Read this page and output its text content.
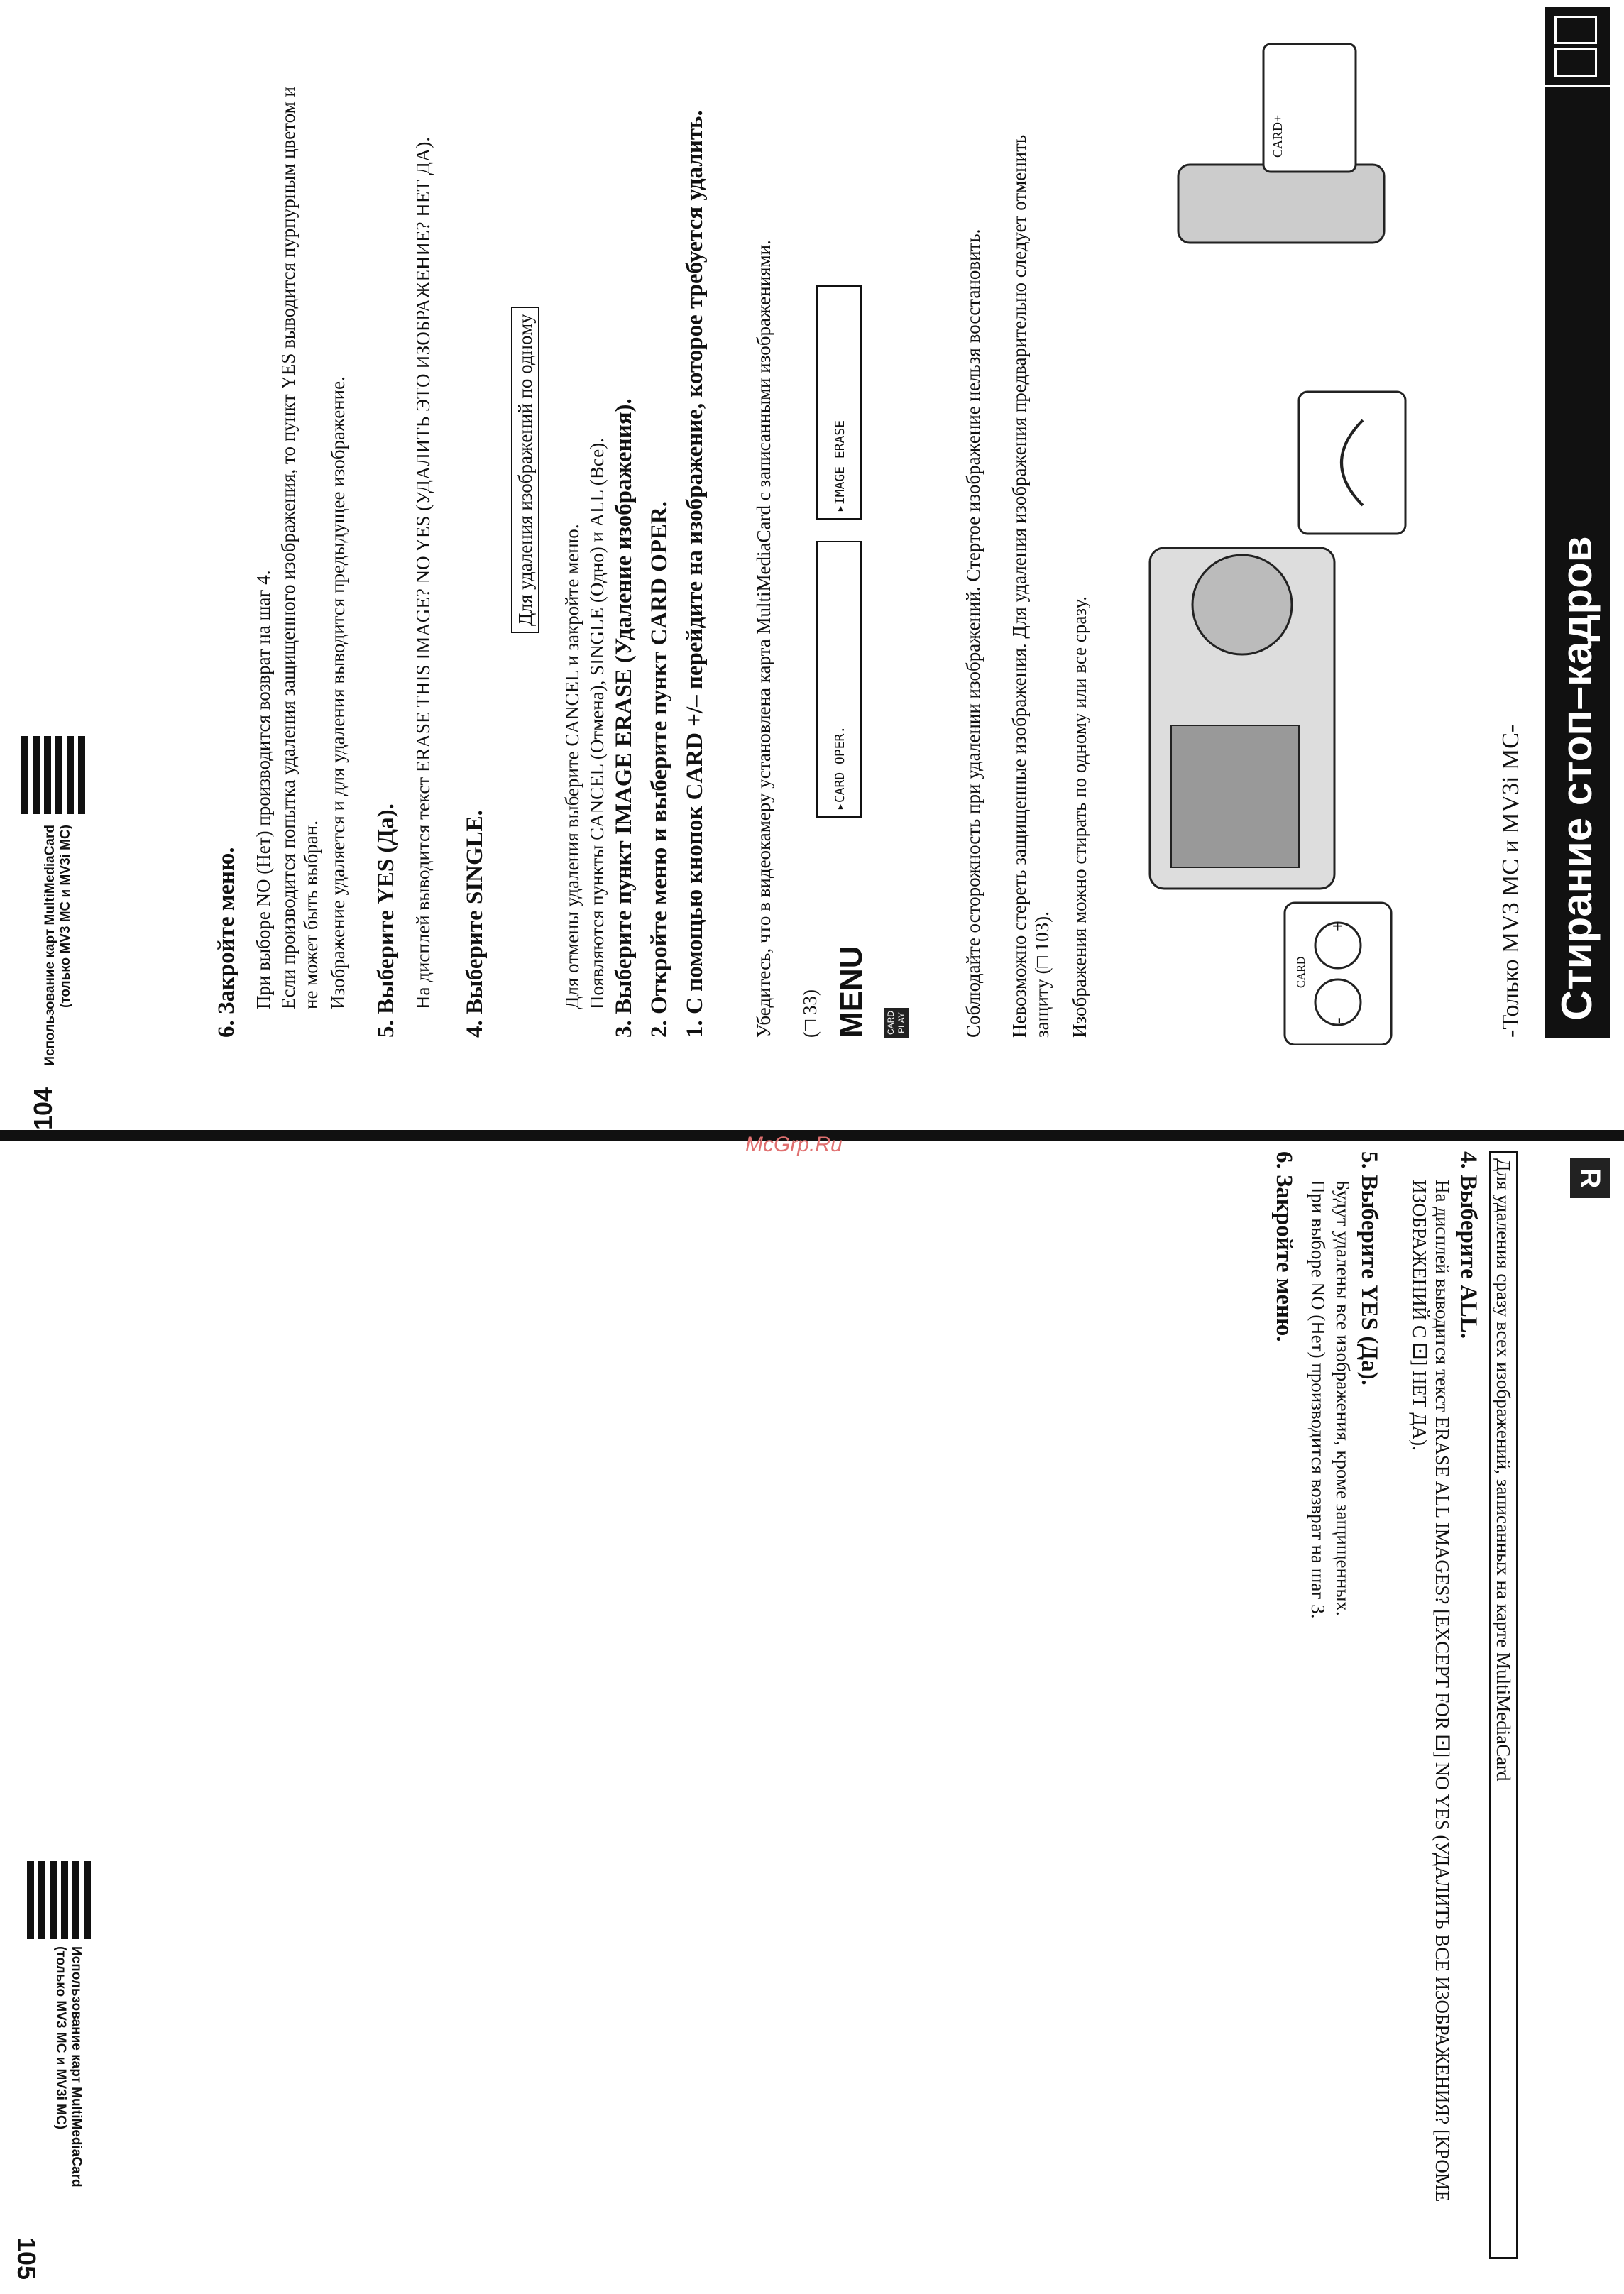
McGrp.Ru
Стирание стоп–кадров
-Только MV3 MC и MV3i MC-
-
+
CARD
CARD+
Изображения можно стирать по одному или все сразу.
Невозможно стереть защищенные изображения. Для удаления изображения предварительно следует отменить защиту (□ 103).
Соблюдайте осторожность при удалении изображений. Стертое изображение нельзя восстановить.
CARD PLAY
MENU
(□ 33)
▸CARD OPER.
▸IMAGE ERASE
Убедитесь, что в видеокамеру установлена карта MultiMediaCard с записанными изображениями.
1. С помощью кнопок CARD +/– перейдите на изображение, которое требуется удалить.
2. Откройте меню и выберите пункт CARD OPER.
3. Выберите пункт IMAGE ERASE (Удаление изображения).
Появляются пункты CANCEL (Отмена), SINGLE (Одно) и ALL (Все).
Для отмены удаления выберите CANCEL и закройте меню.
Для удаления изображений по одному
4. Выберите SINGLE.
На дисплей выводится текст ERASE THIS IMAGE? NO YES (УДАЛИТЬ ЭТО ИЗОБРАЖЕНИЕ? НЕТ ДА).
5. Выберите YES (Да).
Изображение удаляется и для удаления выводится предыдущее изображение.
Если производится попытка удаления защищенного изображения, то пункт YES выводится пурпурным цветом и не может быть выбран.
При выборе NO (Нет) производится возврат на шаг 4.
6. Закройте меню.
Использование карт MultiMediaCard (только MV3 MC и MV3i MC)
104
R
Для удаления сразу всех изображений, записанных на карте MultiMediaCard
4. Выберите ALL.
На дисплей выводится текст ERASE ALL IMAGES? [EXCEPT FOR ⚀] NO YES (УДАЛИТЬ ВСЕ ИЗОБРАЖЕНИЯ? [КРОМЕ ИЗОБРАЖЕНИЙ С ⚀] НЕТ ДА).
5. Выберите YES (Да).
Будут удалены все изображения, кроме защищенных.
При выборе NO (Нет) производится возврат на шаг 3.
6. Закройте меню.
Использование карт MultiMediaCard
(только MV3 MC и MV3i MC)
105
